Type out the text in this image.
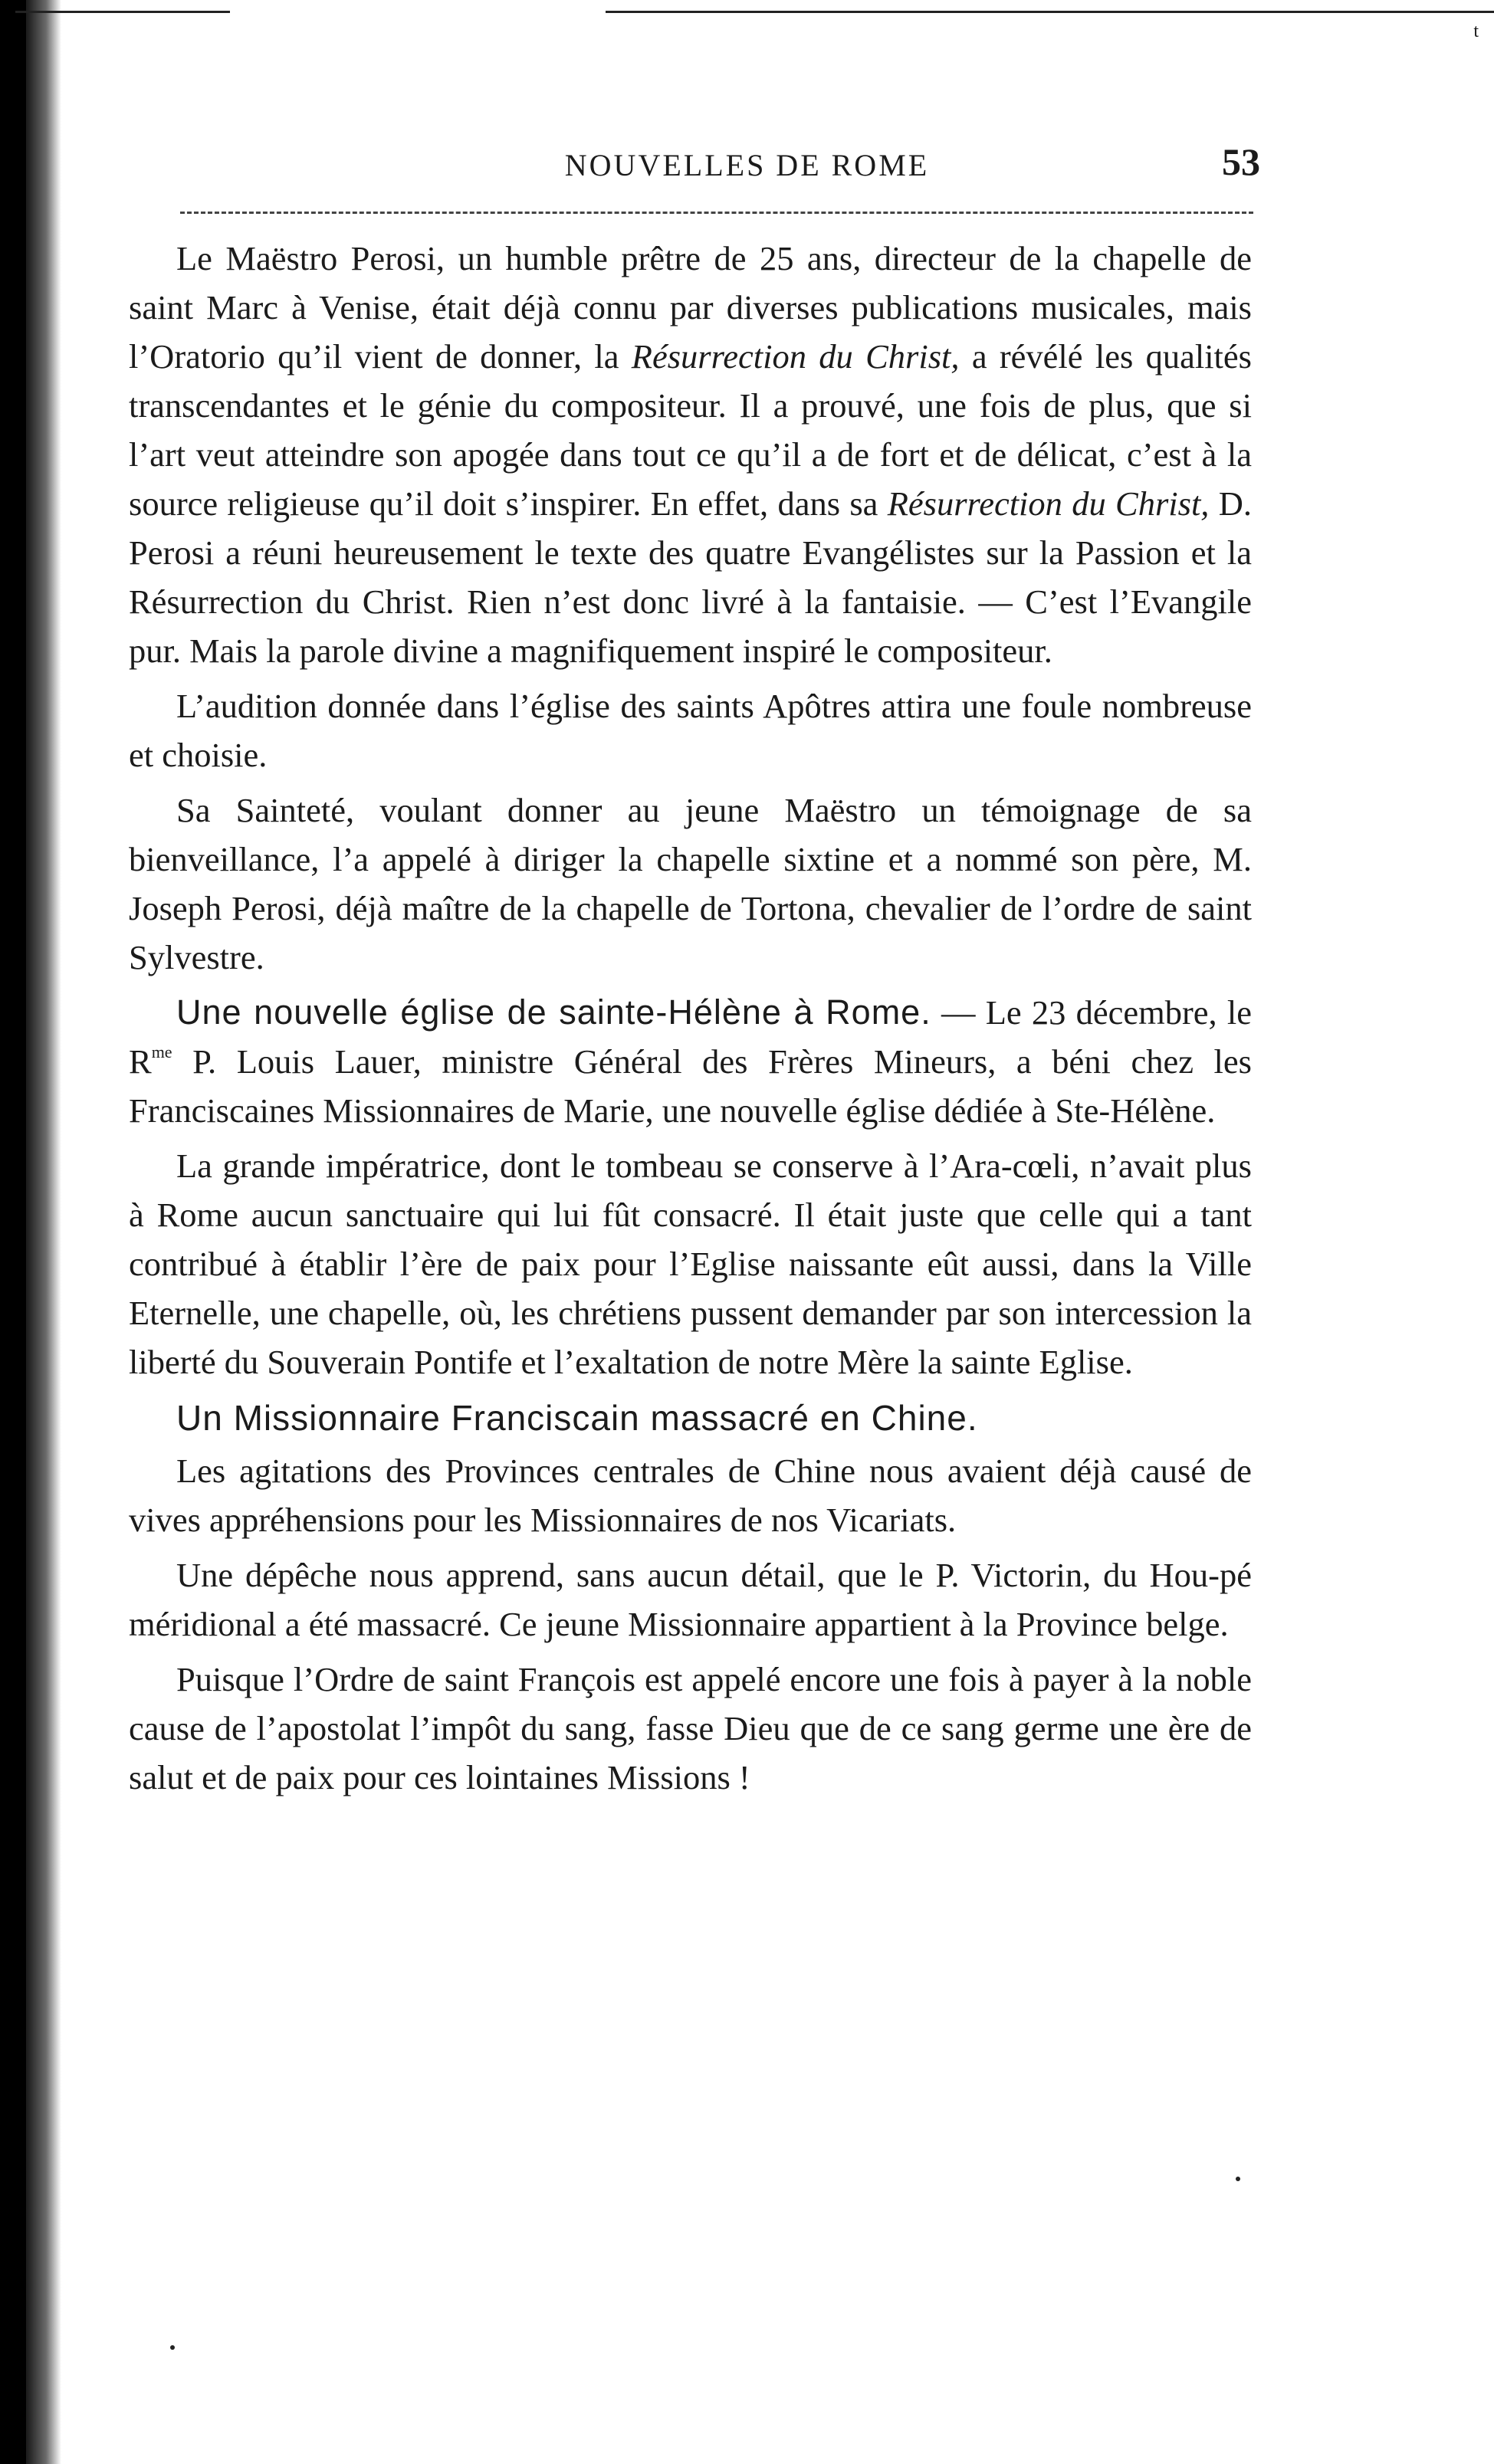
t
NOUVELLES DE ROME	53

Le Maëstro Perosi, un humble prêtre de 25 ans, directeur de la chapelle de saint Marc à Venise, était déjà connu par diverses publications musicales, mais l’Oratorio qu’il vient de donner, la Résurrection du Christ, a révélé les qualités transcendantes et le génie du compositeur. Il a prouvé, une fois de plus, que si l’art veut atteindre son apogée dans tout ce qu’il a de fort et de délicat, c’est à la source religieuse qu’il doit s’inspirer. En effet, dans sa Résurrection du Christ, D. Perosi a réuni heureusement le texte des quatre Evangélistes sur la Passion et la Résurrection du Christ. Rien n’est donc livré à la fantaisie. — C’est l’Evangile pur. Mais la parole divine a magnifiquement inspiré le compositeur.

L’audition donnée dans l’église des saints Apôtres attira une foule nombreuse et choisie.

Sa Sainteté, voulant donner au jeune Maëstro un témoignage de sa bienveillance, l’a appelé à diriger la chapelle sixtine et a nommé son père, M. Joseph Perosi, déjà maître de la chapelle de Tortona, chevalier de l’ordre de saint Sylvestre.

Une nouvelle église de sainte-Hélène à Rome. — Le 23 décembre, le $R^{me}$ P. Louis Lauer, ministre Général des Frères Mineurs, a béni chez les Franciscaines Missionnaires de Marie, une nouvelle église dédiée à Ste-Hélène.

La grande impératrice, dont le tombeau se conserve à l’Ara-cœli, n’avait plus à Rome aucun sanctuaire qui lui fût consacré. Il était juste que celle qui a tant contribué à établir l’ère de paix pour l’Eglise naissante eût aussi, dans la Ville Eternelle, une chapelle, où, les chrétiens pussent demander par son intercession la liberté du Souverain Pontife et l’exaltation de notre Mère la sainte Eglise.

Un Missionnaire Franciscain massacré en Chine.

Les agitations des Provinces centrales de Chine nous avaient déjà causé de vives appréhensions pour les Missionnaires de nos Vicariats.

Une dépêche nous apprend, sans aucun détail, que le P. Victorin, du Hou-pé méridional a été massacré. Ce jeune Missionnaire appartient à la Province belge.

Puisque l’Ordre de saint François est appelé encore une fois à payer à la noble cause de l’apostolat l’impôt du sang, fasse Dieu que de ce sang germe une ère de salut et de paix pour ces lointaines Missions !
